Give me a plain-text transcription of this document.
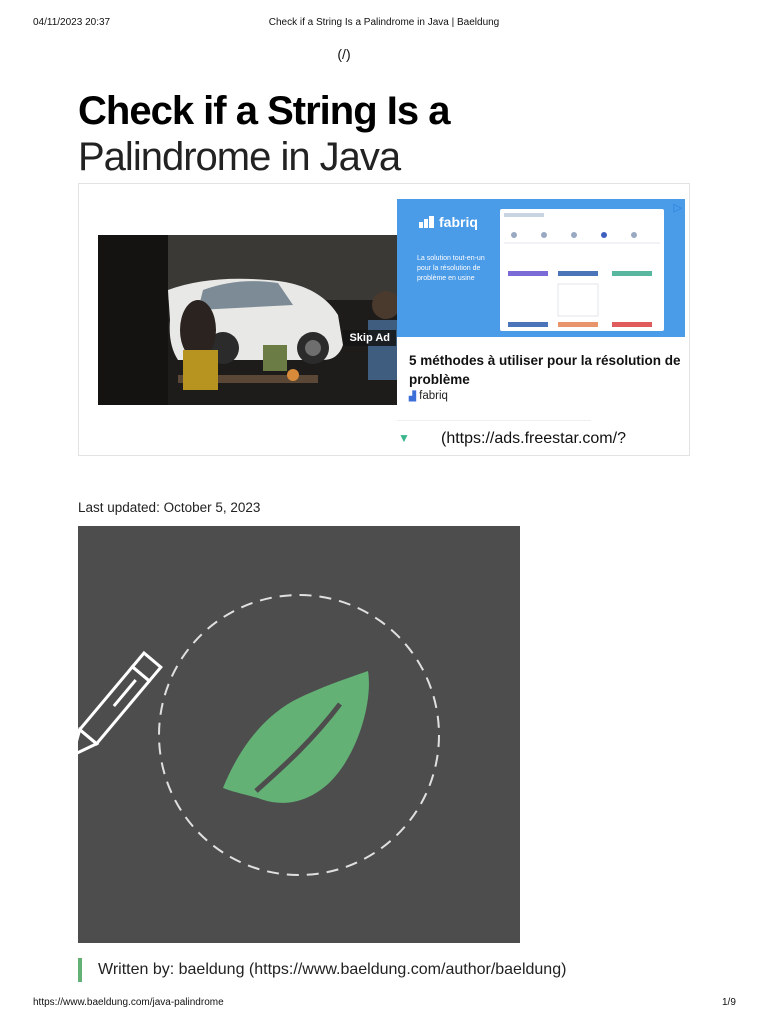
04/11/2023 20:37	Check if a String Is a Palindrome in Java | Baeldung
(/)
Check if a String Is a
Palindrome in Java
Skip Ad
fabriq
La solution tout-en-un pour la résolution de problème en usine
▷
5 méthodes à utiliser pour la résolution de
problème
▟ fabriq
▼ (https://ads.freestar.com/?
Last updated: October 5, 2023
Written by: baeldung (https://www.baeldung.com/author/baeldung)
https://www.baeldung.com/java-palindrome	1/9
